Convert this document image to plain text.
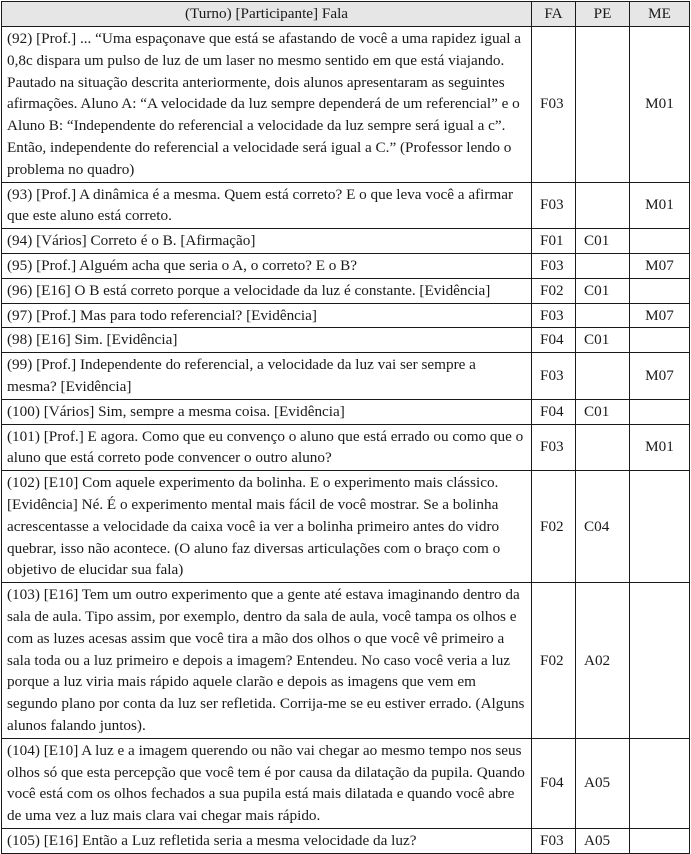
(Turno) [Participante] Fala	FA	PE	ME
(92) [Prof.] ... “Uma espaçonave que está se afastando de você a uma rapidez igual a 0,8c dispara um pulso de luz de um laser no mesmo sentido em que está viajando. Pautado na situação descrita anteriormente, dois alunos apresentaram as seguintes afirmações. Aluno A: “A velocidade da luz sempre dependerá de um referencial” e o Aluno B: “Independente do referencial a velocidade da luz sempre será igual a c”. Então, independente do referencial a velocidade será igual a C.” (Professor lendo o problema no quadro)	F03		M01
(93) [Prof.] A dinâmica é a mesma. Quem está correto? E o que leva você a afirmar que este aluno está correto.	F03		M01
(94) [Vários] Correto é o B. [Afirmação]	F01	C01	
(95) [Prof.] Alguém acha que seria o A, o correto? E o B?	F03		M07
(96) [E16] O B está correto porque a velocidade da luz é constante. [Evidência]	F02	C01	
(97) [Prof.] Mas para todo referencial? [Evidência]	F03		M07
(98) [E16] Sim. [Evidência]	F04	C01	
(99) [Prof.] Independente do referencial, a velocidade da luz vai ser sempre a mesma? [Evidência]	F03		M07
(100) [Vários] Sim, sempre a mesma coisa. [Evidência]	F04	C01	
(101) [Prof.] E agora. Como que eu convenço o aluno que está errado ou como que o aluno que está correto pode convencer o outro aluno?	F03		M01
(102) [E10] Com aquele experimento da bolinha. E o experimento mais clássico. [Evidência] Né. É o experimento mental mais fácil de você mostrar. Se a bolinha acrescentasse a velocidade da caixa você ia ver a bolinha primeiro antes do vidro quebrar, isso não acontece. (O aluno faz diversas articulações com o braço com o objetivo de elucidar sua fala)	F02	C04	
(103) [E16] Tem um outro experimento que a gente até estava imaginando dentro da sala de aula. Tipo assim, por exemplo, dentro da sala de aula, você tampa os olhos e com as luzes acesas assim que você tira a mão dos olhos o que você vê primeiro a sala toda ou a luz primeiro e depois a imagem? Entendeu. No caso você veria a luz porque a luz viria mais rápido aquele clarão e depois as imagens que vem em segundo plano por conta da luz ser refletida. Corrija-me se eu estiver errado. (Alguns alunos falando juntos).	F02	A02	
(104) [E10] A luz e a imagem querendo ou não vai chegar ao mesmo tempo nos seus olhos só que esta percepção que você tem é por causa da dilatação da pupila. Quando você está com os olhos fechados a sua pupila está mais dilatada e quando você abre de uma vez a luz mais clara vai chegar mais rápido.	F04	A05	
(105) [E16] Então a Luz refletida seria a mesma velocidade da luz?	F03	A05	
